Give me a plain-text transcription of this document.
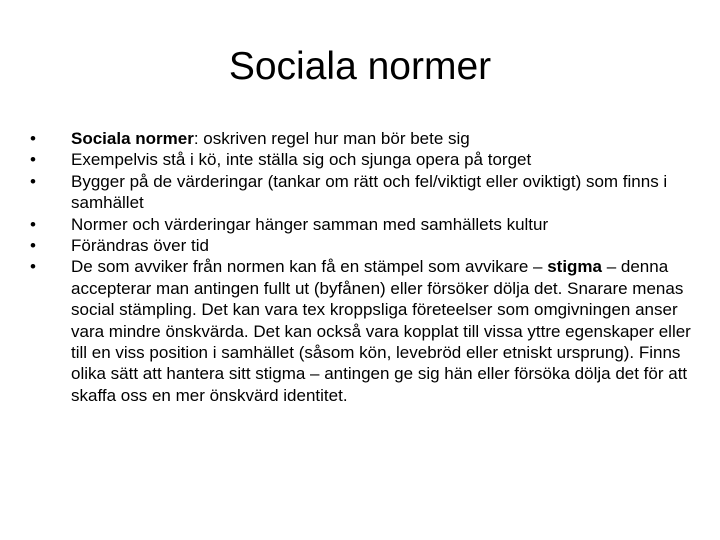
Sociala normer
•	Sociala normer: oskriven regel hur man bör bete sig
•	Exempelvis stå i kö, inte ställa sig och sjunga opera på torget
•	Bygger på de värderingar (tankar om rätt och fel/viktigt eller oviktigt) som finns i samhället
•	Normer och värderingar hänger samman med samhällets kultur
•	Förändras över tid
•	De som avviker från normen kan få en stämpel som avvikare – stigma – denna accepterar man antingen fullt ut (byfånen) eller försöker dölja det. Snarare menas social stämpling. Det kan vara tex kroppsliga företeelser som omgivningen anser vara mindre önskvärda. Det kan också vara kopplat till vissa yttre egenskaper eller till en viss position i samhället (såsom kön, levebröd eller etniskt ursprung). Finns olika sätt att hantera sitt stigma – antingen ge sig hän eller försöka dölja det för att skaffa oss en mer önskvärd identitet.
